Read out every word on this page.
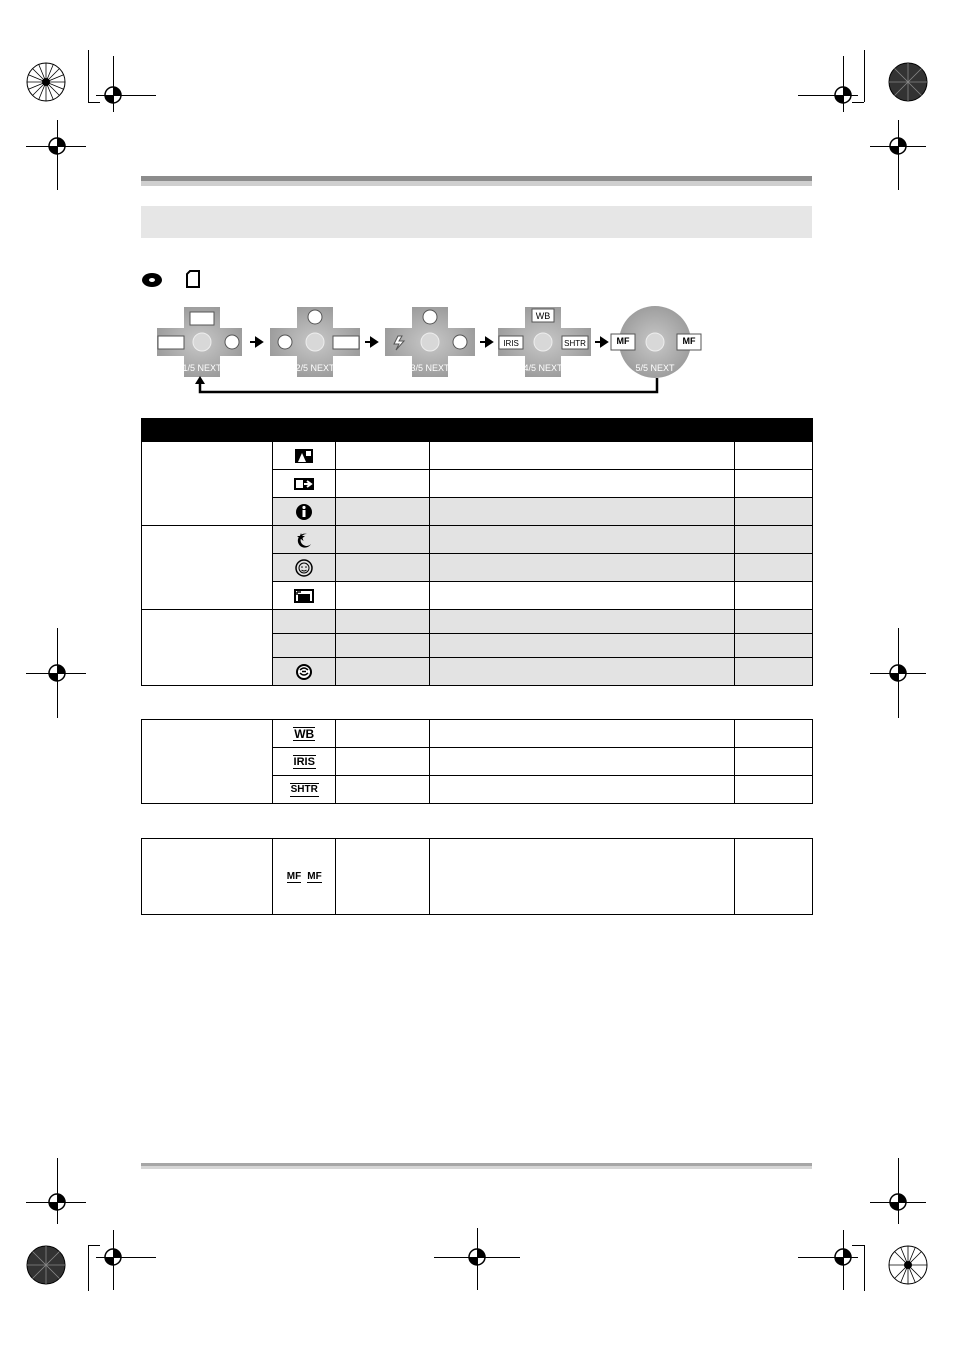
1/5 NEXT	2/5 NEXT	3/5 NEXT
WB
IRIS	SHTR
4/5 NEXT
MF	MF
5/5 NEXT

	WB			
	IRIS			
	SHTR			
	MF MF			
